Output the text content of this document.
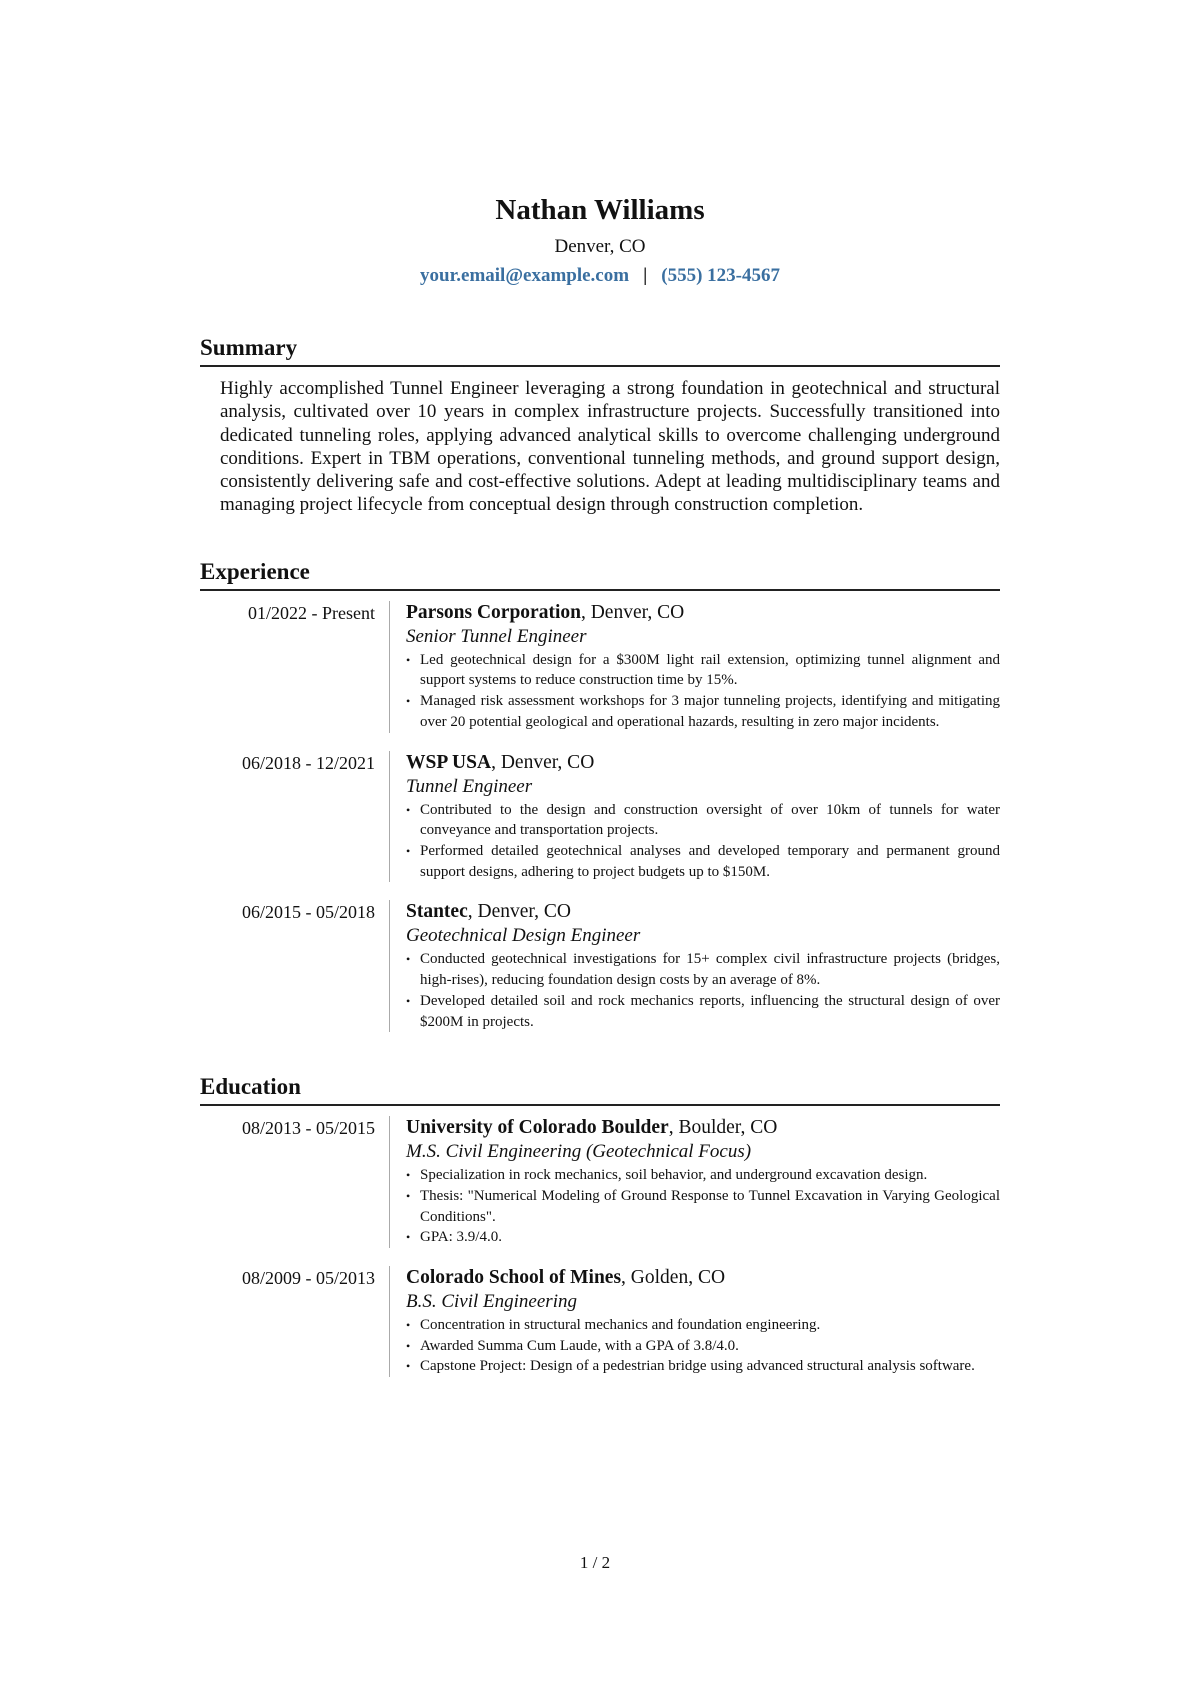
Nathan Williams
Denver, CO
your.email@example.com | (555) 123-4567
Summary

Highly accomplished Tunnel Engineer leveraging a strong foundation in geotechnical and structural analysis, cultivated over 10 years in complex infrastructure projects. Successfully transitioned into dedicated tunneling roles, applying advanced analytical skills to overcome challenging underground conditions. Expert in TBM operations, conventional tunneling methods, and ground support design, consistently delivering safe and cost-effective solutions. Adept at leading multidisciplinary teams and managing project lifecycle from conceptual design through construction completion.

Experience
01/2022 - Present	Parsons Corporation, Denver, CO
Senior Tunnel Engineer
• Led geotechnical design for a $300M light rail extension, optimizing tunnel alignment and support systems to reduce construction time by 15%.
• Managed risk assessment workshops for 3 major tunneling projects, identifying and mitigating over 20 potential geological and operational hazards, resulting in zero major incidents.
06/2018 - 12/2021	WSP USA, Denver, CO
Tunnel Engineer
• Contributed to the design and construction oversight of over 10km of tunnels for water conveyance and transportation projects.
• Performed detailed geotechnical analyses and developed temporary and permanent ground support designs, adhering to project budgets up to $150M.
06/2015 - 05/2018	Stantec, Denver, CO
Geotechnical Design Engineer
• Conducted geotechnical investigations for 15+ complex civil infrastructure projects (bridges, high-rises), reducing foundation design costs by an average of 8%.
• Developed detailed soil and rock mechanics reports, influencing the structural design of over $200M in projects.
Education
08/2013 - 05/2015	University of Colorado Boulder, Boulder, CO
M.S. Civil Engineering (Geotechnical Focus)
• Specialization in rock mechanics, soil behavior, and underground excavation design.
• Thesis: "Numerical Modeling of Ground Response to Tunnel Excavation in Varying Geological Conditions".
• GPA: 3.9/4.0.
08/2009 - 05/2013	Colorado School of Mines, Golden, CO
B.S. Civil Engineering
• Concentration in structural mechanics and foundation engineering.
• Awarded Summa Cum Laude, with a GPA of 3.8/4.0.
• Capstone Project: Design of a pedestrian bridge using advanced structural analysis software.
1 / 2
